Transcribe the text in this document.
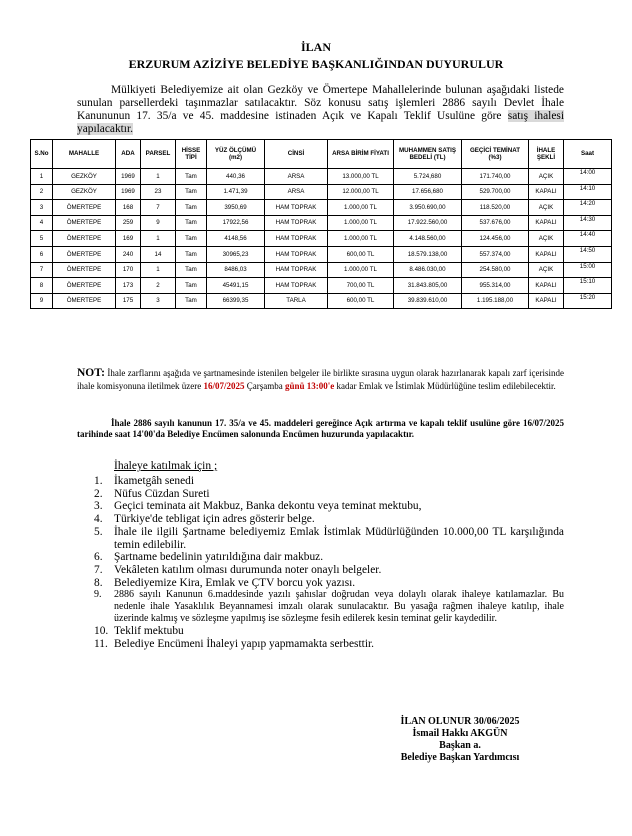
İLAN
ERZURUM AZİZİYE BELEDİYE BAŞKANLIĞINDAN DUYURULUR
Mülkiyeti Belediyemize ait olan Gezköy ve Ömertepe Mahallelerinde bulunan aşağıdaki listede sunulan parsellerdeki taşınmazlar satılacaktır. Söz konusu satış işlemleri 2886 sayılı Devlet İhale Kanununun 17. 35/a ve 45. maddesine istinaden Açık ve Kapalı Teklif Usulüne göre satış ihalesi yapılacaktır.
S.No	MAHALLE	ADA	PARSEL	HİSSE TİPİ	YÜZ ÖLÇÜMÜ (m2)	CİNSİ	ARSA BİRİM FİYATI	MUHAMMEN SATIŞ BEDELİ (TL)	GEÇİCİ TEMİNAT (%3)	İHALE ŞEKLİ	Saat
1	GEZKÖY	1969	1	Tam	440,36	ARSA	13.000,00 TL	5.724,680	171.740,00	AÇIK	14:00
2	GEZKÖY	1969	23	Tam	1.471,39	ARSA	12.000,00 TL	17.656,680	529.700,00	KAPALI	14:10
3	ÖMERTEPE	168	7	Tam	3950,69	HAM TOPRAK	1.000,00 TL	3.950.690,00	118.520,00	AÇIK	14:20
4	ÖMERTEPE	259	9	Tam	17922,56	HAM TOPRAK	1.000,00 TL	17.922.560,00	537.676,00	KAPALI	14:30
5	ÖMERTEPE	169	1	Tam	4148,56	HAM TOPRAK	1.000,00 TL	4.148.560,00	124.456,00	AÇIK	14:40
6	ÖMERTEPE	240	14	Tam	30965,23	HAM TOPRAK	600,00 TL	18.579.138,00	557.374,00	KAPALI	14:50
7	ÖMERTEPE	170	1	Tam	8486,03	HAM TOPRAK	1.000,00 TL	8.486.030,00	254.580,00	AÇIK	15:00
8	ÖMERTEPE	173	2	Tam	45491,15	HAM TOPRAK	700,00 TL	31.843.805,00	955.314,00	KAPALI	15:10
9	ÖMERTEPE	175	3	Tam	66399,35	TARLA	600,00 TL	39.839.610,00	1.195.188,00	KAPALI	15:20
NOT: İhale zarflarını aşağıda ve şartnamesinde istenilen belgeler ile birlikte sırasına uygun olarak hazırlanarak kapalı zarf içerisinde ihale komisyonuna iletilmek üzere 16/07/2025 Çarşamba günü 13:00'e kadar Emlak ve İstimlak Müdürlüğüne teslim edilebilecektir.
İhale 2886 sayılı kanunun 17. 35/a ve 45. maddeleri gereğince Açık artırma ve kapalı teklif usulüne göre 16/07/2025 tarihinde saat 14'00'da Belediye Encümen salonunda Encümen huzurunda yapılacaktır.
İhaleye katılmak için ;
1. İkametgâh senedi
2. Nüfus Cüzdan Sureti
3. Geçici teminata ait Makbuz, Banka dekontu veya teminat mektubu,
4. Türkiye'de tebligat için adres gösterir belge.
5. İhale ile ilgili Şartname belediyemiz Emlak İstimlak Müdürlüğünden 10.000,00 TL karşılığında temin edilebilir.
6. Şartname bedelinin yatırıldığına dair makbuz.
7. Vekâleten katılım olması durumunda noter onaylı belgeler.
8. Belediyemize Kira, Emlak ve ÇTV borcu yok yazısı.
9. 2886 sayılı Kanunun 6.maddesinde yazılı şahıslar doğrudan veya dolaylı olarak ihaleye katılamazlar. Bu nedenle ihale Yasaklılık Beyannamesi imzalı olarak sunulacaktır. Bu yasağa rağmen ihaleye katılıp, ihale üzerinde kalmış ve sözleşme yapılmış ise sözleşme fesih edilerek kesin teminat gelir kaydedilir.
10. Teklif mektubu
11. Belediye Encümeni İhaleyi yapıp yapmamakta serbesttir.
İLAN OLUNUR 30/06/2025
İsmail Hakkı AKGÜN
Başkan a.
Belediye Başkan Yardımcısı
